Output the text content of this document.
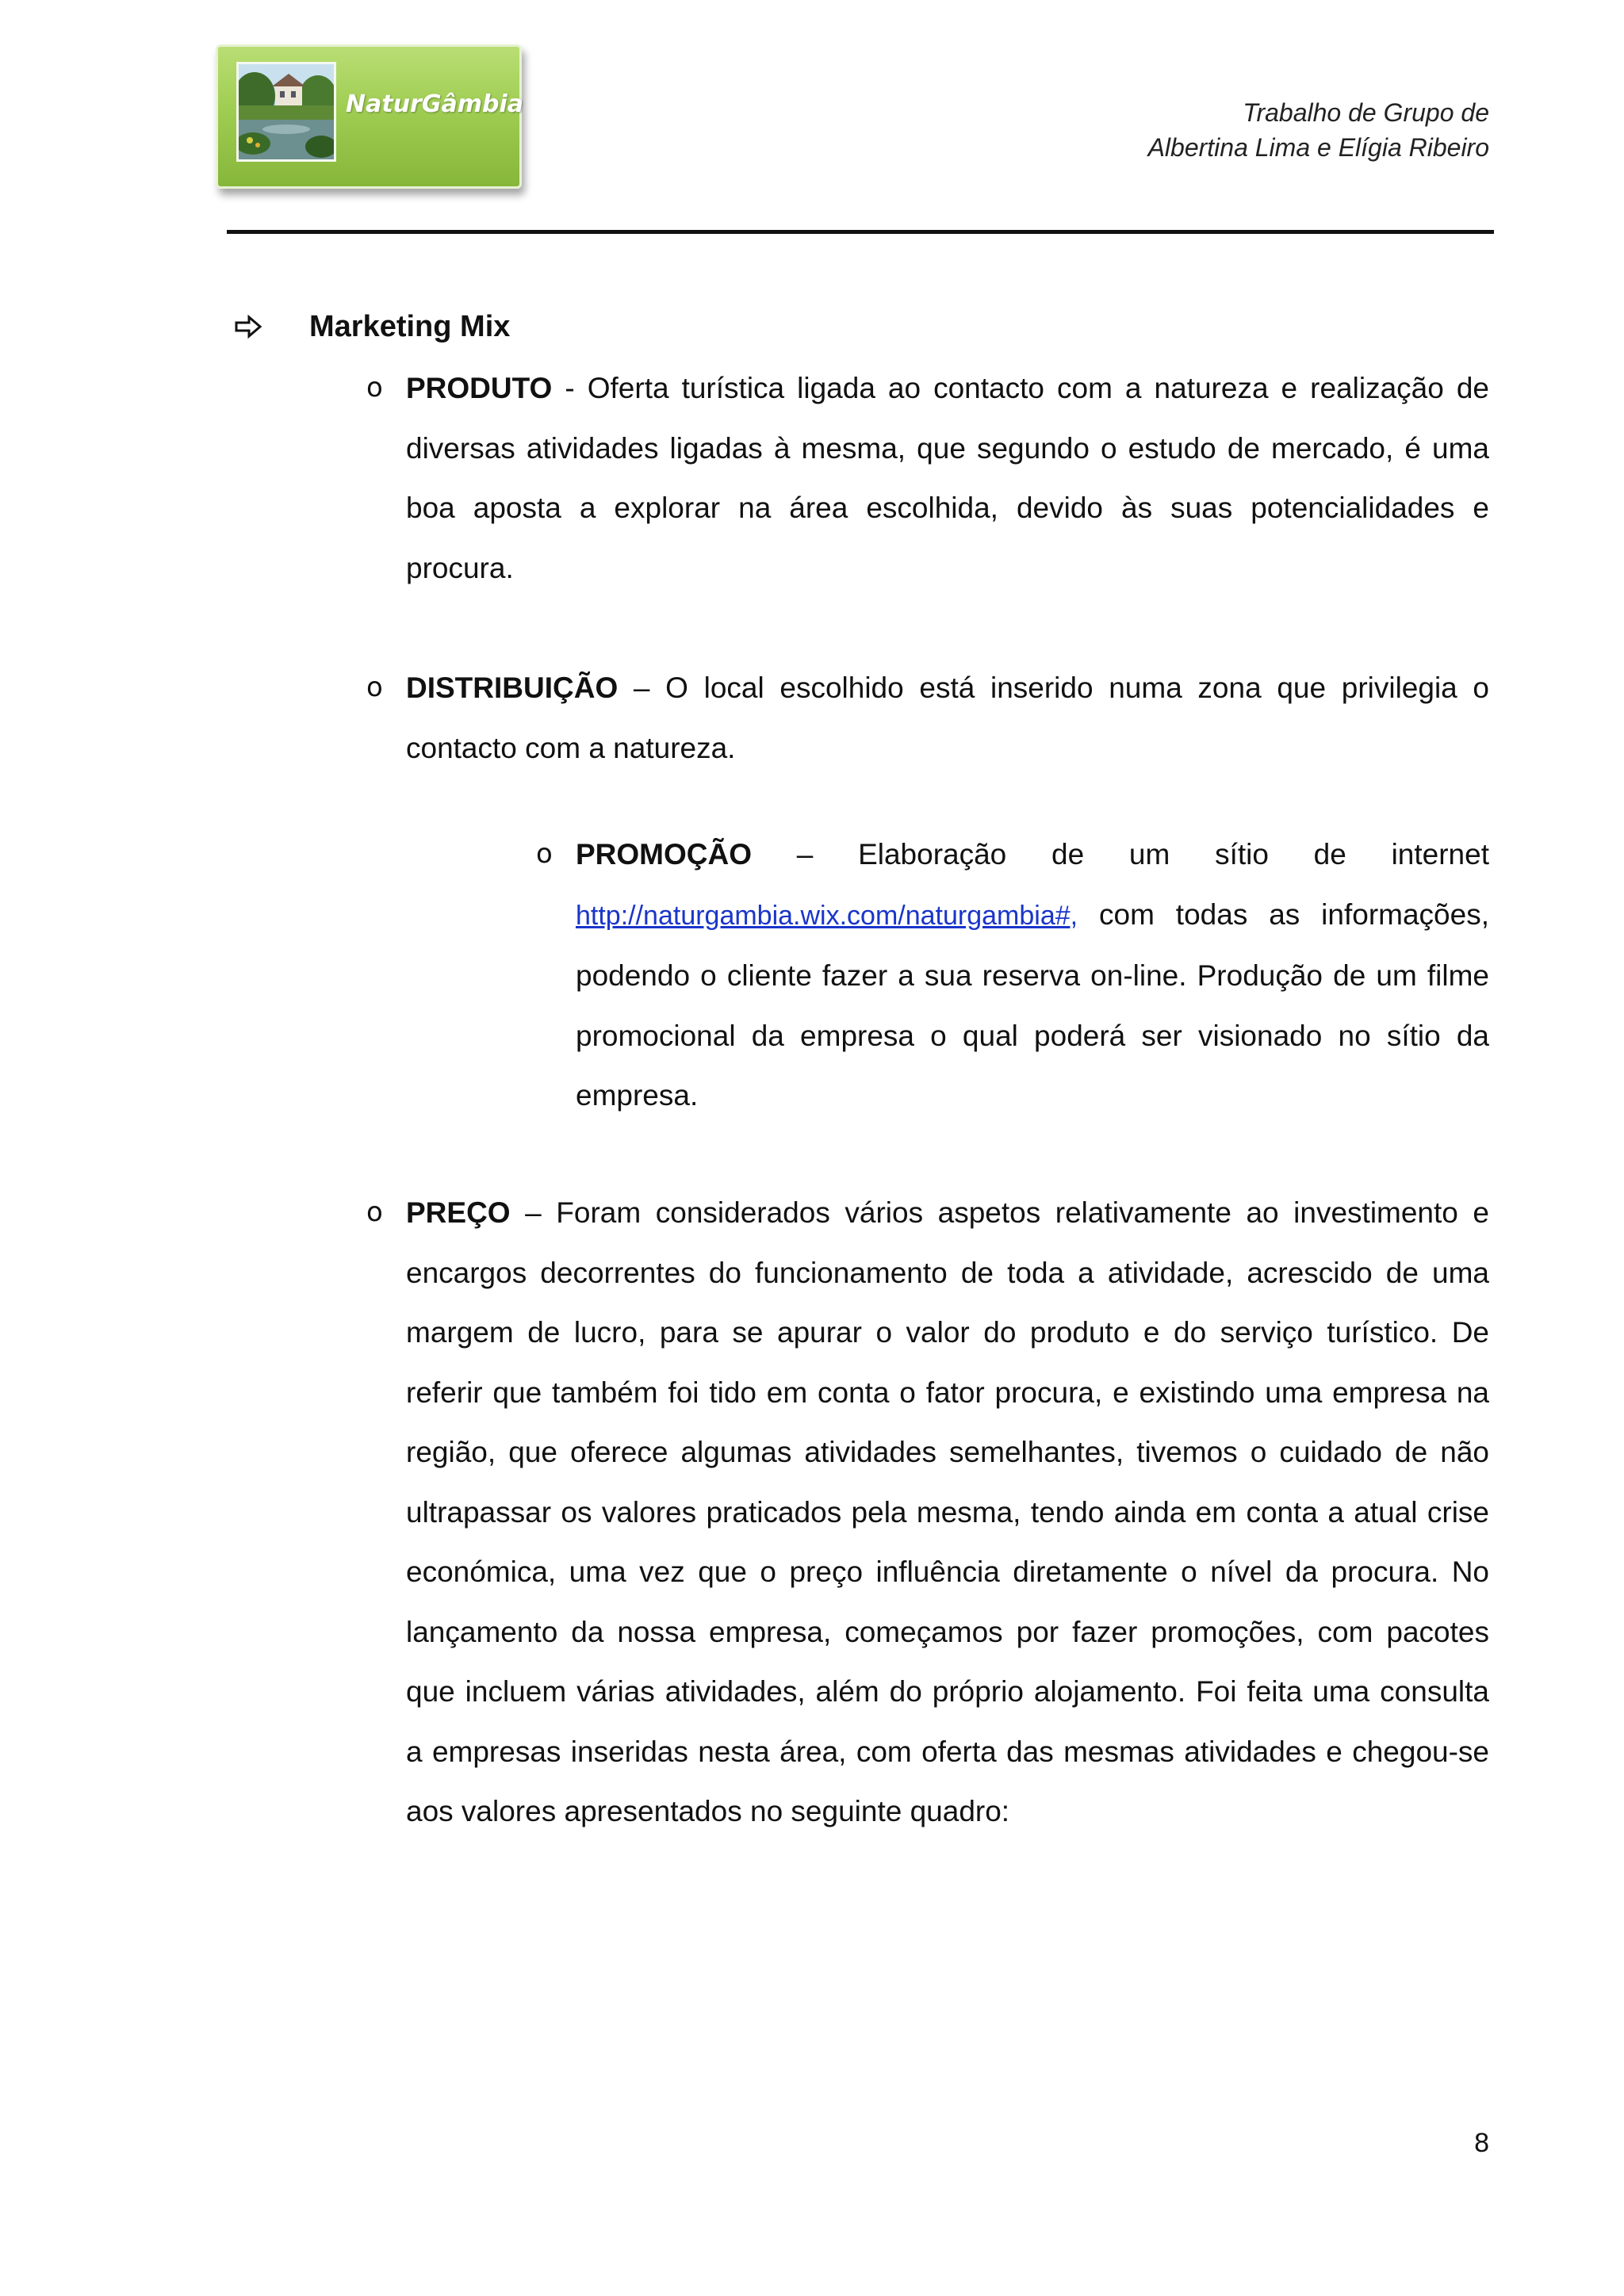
NaturGâmbia	Trabalho de Grupo de
Albertina Lima e Elígia Ribeiro
Marketing Mix
o PRODUTO - Oferta turística ligada ao contacto com a natureza e realização de diversas atividades ligadas à mesma, que segundo o estudo de mercado, é uma boa aposta a explorar na área escolhida, devido às suas potencialidades e procura.
o DISTRIBUIÇÃO – O local escolhido está inserido numa zona que privilegia o contacto com a natureza.
o PROMOÇÃO – Elaboração de um sítio de internet http://naturgambia.wix.com/naturgambia#, com todas as informações, podendo o cliente fazer a sua reserva on-line. Produção de um filme promocional da empresa o qual poderá ser visionado no sítio da empresa.
o PREÇO – Foram considerados vários aspetos relativamente ao investimento e encargos decorrentes do funcionamento de toda a atividade, acrescido de uma margem de lucro, para se apurar o valor do produto e do serviço turístico. De referir que também foi tido em conta o fator procura, e existindo uma empresa na região, que oferece algumas atividades semelhantes, tivemos o cuidado de não ultrapassar os valores praticados pela mesma, tendo ainda em conta a atual crise económica, uma vez que o preço influência diretamente o nível da procura. No lançamento da nossa empresa, começamos por fazer promoções, com pacotes que incluem várias atividades, além do próprio alojamento. Foi feita uma consulta a empresas inseridas nesta área, com oferta das mesmas atividades e chegou-se aos valores apresentados no seguinte quadro:
8
